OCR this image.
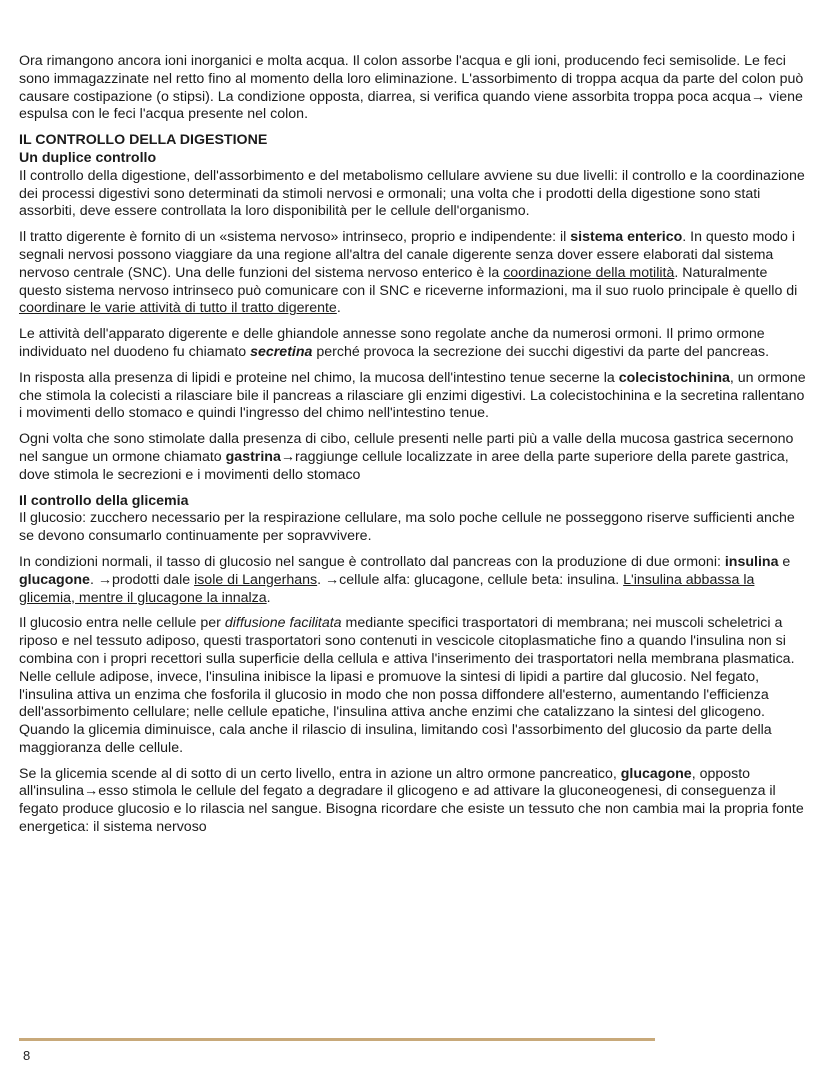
Ora rimangono ancora ioni inorganici e molta acqua. Il colon assorbe l'acqua e gli ioni, producendo feci semisolide. Le feci sono immagazzinate nel retto fino al momento della loro eliminazione. L'assorbimento di troppa acqua da parte del colon può causare costipazione (o stipsi). La condizione opposta, diarrea, si verifica quando viene assorbita troppa poca acqua→ viene espulsa con le feci l'acqua presente nel colon.

IL CONTROLLO DELLA DIGESTIONE
Un duplice controllo

Il controllo della digestione, dell'assorbimento e del metabolismo cellulare avviene su due livelli: il controllo e la coordinazione dei processi digestivi sono determinati da stimoli nervosi e ormonali; una volta che i prodotti della digestione sono stati assorbiti, deve essere controllata la loro disponibilità per le cellule dell'organismo.

Il tratto digerente è fornito di un «sistema nervoso» intrinseco, proprio e indipendente: il sistema enterico. In questo modo i segnali nervosi possono viaggiare da una regione all'altra del canale digerente senza dover essere elaborati dal sistema nervoso centrale (SNC). Una delle funzioni del sistema nervoso enterico è la coordinazione della motilità. Naturalmente questo sistema nervoso intrinseco può comunicare con il SNC e riceverne informazioni, ma il suo ruolo principale è quello di coordinare le varie attività di tutto il tratto digerente.

Le attività dell'apparato digerente e delle ghiandole annesse sono regolate anche da numerosi ormoni. Il primo ormone individuato nel duodeno fu chiamato secretina perché provoca la secrezione dei succhi digestivi da parte del pancreas.

In risposta alla presenza di lipidi e proteine nel chimo, la mucosa dell'intestino tenue secerne la colecistochinina, un ormone che stimola la colecisti a rilasciare bile il pancreas a rilasciare gli enzimi digestivi. La colecistochinina e la secretina rallentano i movimenti dello stomaco e quindi l'ingresso del chimo nell'intestino tenue.

Ogni volta che sono stimolate dalla presenza di cibo, cellule presenti nelle parti più a valle della mucosa gastrica secernono nel sangue un ormone chiamato gastrina→raggiunge cellule localizzate in aree della parte superiore della parete gastrica, dove stimola le secrezioni e i movimenti dello stomaco

Il controllo della glicemia

Il glucosio: zucchero necessario per la respirazione cellulare, ma solo poche cellule ne posseggono riserve sufficienti anche se devono consumarlo continuamente per sopravvivere.

In condizioni normali, il tasso di glucosio nel sangue è controllato dal pancreas con la produzione di due ormoni: insulina e glucagone. →prodotti dale isole di Langerhans. →cellule alfa: glucagone, cellule beta: insulina. L'insulina abbassa la glicemia, mentre il glucagone la innalza.

Il glucosio entra nelle cellule per diffusione facilitata mediante specifici trasportatori di membrana; nei muscoli scheletrici a riposo e nel tessuto adiposo, questi trasportatori sono contenuti in vescicole citoplasmatiche fino a quando l'insulina non si combina con i propri recettori sulla superficie della cellula e attiva l'inserimento dei trasportatori nella membrana plasmatica. Nelle cellule adipose, invece, l'insulina inibisce la lipasi e promuove la sintesi di lipidi a partire dal glucosio. Nel fegato, l'insulina attiva un enzima che fosforila il glucosio in modo che non possa diffondere all'esterno, aumentando l'efficienza dell'assorbimento cellulare; nelle cellule epatiche, l'insulina attiva anche enzimi che catalizzano la sintesi del glicogeno. Quando la glicemia diminuisce, cala anche il rilascio di insulina, limitando così l'assorbimento del glucosio da parte della maggioranza delle cellule.

Se la glicemia scende al di sotto di un certo livello, entra in azione un altro ormone pancreatico, glucagone, opposto all'insulina→esso stimola le cellule del fegato a degradare il glicogeno e ad attivare la gluconeogenesi, di conseguenza il fegato produce glucosio e lo rilascia nel sangue. Bisogna ricordare che esiste un tessuto che non cambia mai la propria fonte energetica: il sistema nervoso

8
